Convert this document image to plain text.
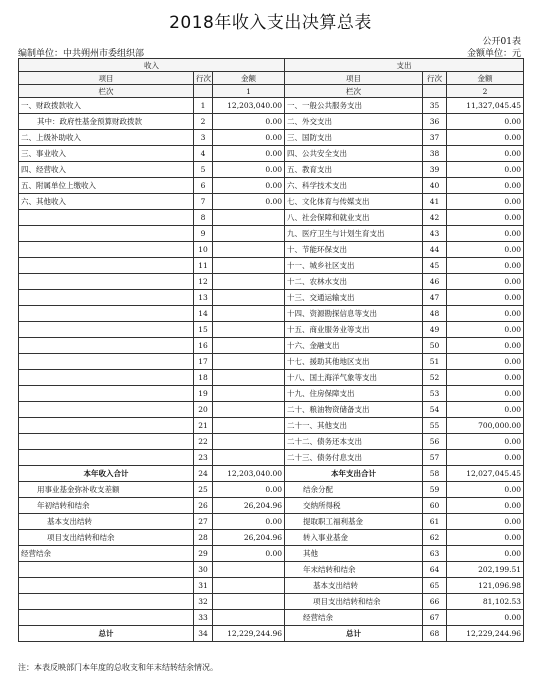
2018年收入支出决算总表
公开01表
编制单位：中共朔州市委组织部	金额单位：元
收入			支出		
项目	行次	金额	项目	行次	金额
栏次		1	栏次		2
一、财政拨款收入	1	12,203,040.00	一、一般公共服务支出	35	11,327,045.45
其中：政府性基金预算财政拨款	2	0.00	二、外交支出	36	0.00
二、上级补助收入	3	0.00	三、国防支出	37	0.00
三、事业收入	4	0.00	四、公共安全支出	38	0.00
四、经营收入	5	0.00	五、教育支出	39	0.00
五、附属单位上缴收入	6	0.00	六、科学技术支出	40	0.00
六、其他收入	7	0.00	七、文化体育与传媒支出	41	0.00
	8		八、社会保障和就业支出	42	0.00
	9		九、医疗卫生与计划生育支出	43	0.00
	10		十、节能环保支出	44	0.00
	11		十一、城乡社区支出	45	0.00
	12		十二、农林水支出	46	0.00
	13		十三、交通运输支出	47	0.00
	14		十四、资源勘探信息等支出	48	0.00
	15		十五、商业服务业等支出	49	0.00
	16		十六、金融支出	50	0.00
	17		十七、援助其他地区支出	51	0.00
	18		十八、国土海洋气象等支出	52	0.00
	19		十九、住房保障支出	53	0.00
	20		二十、粮油物资储备支出	54	0.00
	21		二十一、其他支出	55	700,000.00
	22		二十二、债务还本支出	56	0.00
	23		二十三、债务付息支出	57	0.00
本年收入合计	24	12,203,040.00	本年支出合计	58	12,027,045.45
用事业基金弥补收支差额	25	0.00	结余分配	59	0.00
年初结转和结余	26	26,204.96	交纳所得税	60	0.00
基本支出结转	27	0.00	提取职工福利基金	61	0.00
项目支出结转和结余	28	26,204.96	转入事业基金	62	0.00
经营结余	29	0.00	其他	63	0.00
	30		年末结转和结余	64	202,199.51
	31		基本支出结转	65	121,096.98
	32		项目支出结转和结余	66	81,102.53
	33		经营结余	67	0.00
总计	34	12,229,244.96	总计	68	12,229,244.96
注：本表反映部门本年度的总收支和年末结转结余情况。
